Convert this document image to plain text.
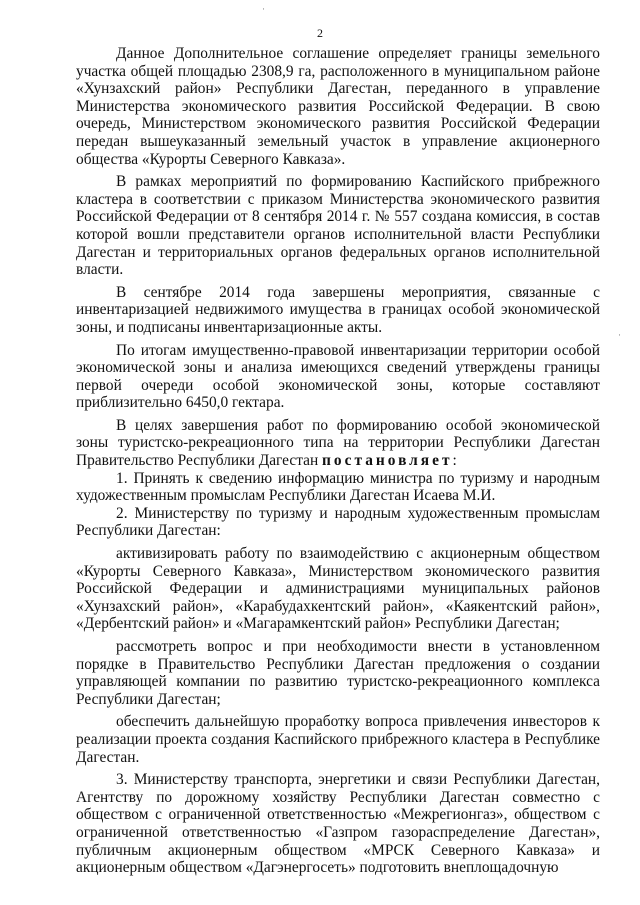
2
·
·

Данное Дополнительное соглашение определяет границы земельного участка общей площадью 2308,9 га, расположенного в муниципальном районе «Хунзахский район» Республики Дагестан, переданного в управление Министерства экономического развития Российской Федерации. В свою очередь, Министерством экономического развития Российской Федерации передан вышеуказанный земельный участок в управление акционерного общества «Курорты Северного Кавказа».

В рамках мероприятий по формированию Каспийского прибрежного кластера в соответствии с приказом Министерства экономического развития Российской Федерации от 8 сентября 2014 г. № 557 создана комиссия, в состав которой вошли представители органов исполнительной власти Республики Дагестан и территориальных органов федеральных органов исполнительной власти.

В сентябре 2014 года завершены мероприятия, связанные с инвентаризацией недвижимого имущества в границах особой экономической зоны, и подписаны инвентаризационные акты.

По итогам имущественно-правовой инвентаризации территории особой экономической зоны и анализа имеющихся сведений утверждены границы первой очереди особой экономической зоны, которые составляют приблизительно 6450,0 гектара.

В целях завершения работ по формированию особой экономической зоны туристско-рекреационного типа на территории Республики Дагестан Правительство Республики Дагестан постановляет:

1. Принять к сведению информацию министра по туризму и народным художественным промыслам Республики Дагестан Исаева М.И.

2. Министерству по туризму и народным художественным промыслам Республики Дагестан:

активизировать работу по взаимодействию с акционерным обществом «Курорты Северного Кавказа», Министерством экономического развития Российской Федерации и администрациями муниципальных районов «Хунзахский район», «Карабудахкентский район», «Каякентский район», «Дербентский район» и «Магарамкентский район» Республики Дагестан;

рассмотреть вопрос и при необходимости внести в установленном порядке в Правительство Республики Дагестан предложения о создании управляющей компании по развитию туристско-рекреационного комплекса Республики Дагестан;

обеспечить дальнейшую проработку вопроса привлечения инвесторов к реализации проекта создания Каспийского прибрежного кластера в Республике Дагестан.

3. Министерству транспорта, энергетики и связи Республики Дагестан, Агентству по дорожному хозяйству Республики Дагестан совместно с обществом с ограниченной ответственностью «Межрегионгаз», обществом с ограниченной ответственностью «Газпром газораспределение Дагестан», публичным акционерным обществом «МРСК Северного Кавказа» и акционерным обществом «Дагэнергосеть» подготовить внеплощадочную
